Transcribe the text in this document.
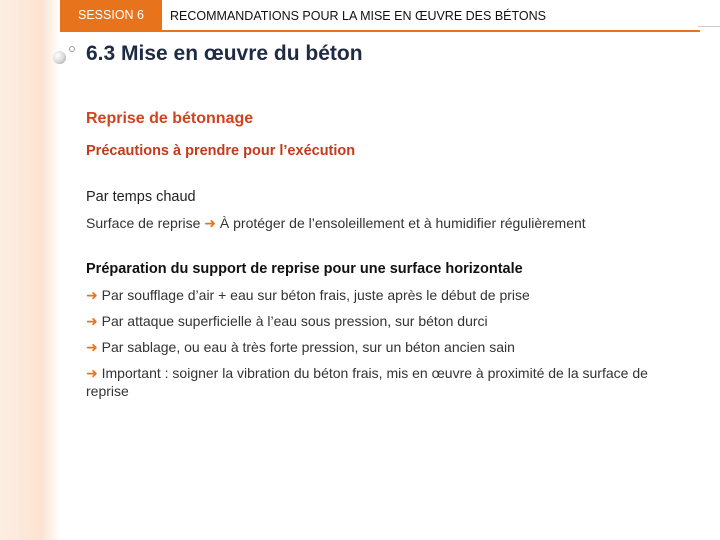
SESSION 6	RECOMMANDATIONS POUR LA MISE EN ŒUVRE DES BÉTONS
6.3 Mise en œuvre du béton
Reprise de bétonnage
Précautions à prendre pour l’exécution
Par temps chaud
Surface de reprise ➜ À protéger de l’ensoleillement et à humidifier régulièrement
Préparation du support de reprise pour une surface horizontale
➜ Par soufflage d’air + eau sur béton frais, juste après le début de prise
➜ Par attaque superficielle à l’eau sous pression, sur béton durci
➜ Par sablage, ou eau à très forte pression, sur un béton ancien sain
➜ Important : soigner la vibration du béton frais, mis en œuvre à proximité de la surface de reprise
